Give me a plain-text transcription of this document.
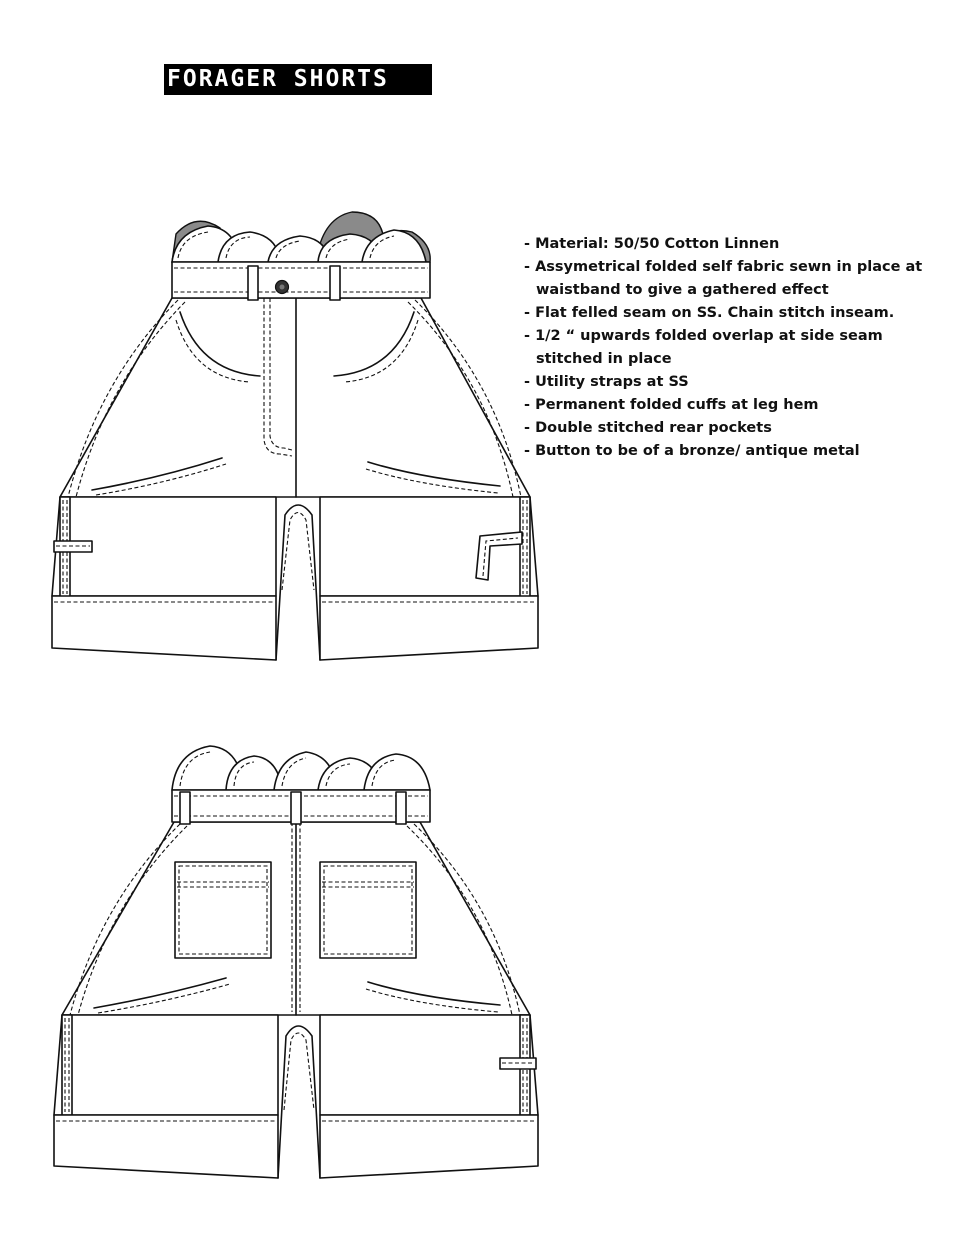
FORAGER SHORTS
- Material: 50/50 Cotton Linnen
- Assymetrical folded self fabric sewn in place at waistband to give a gathered effect
- Flat felled seam on SS. Chain stitch inseam.
- 1/2 “ upwards folded overlap at side seam stitched in place
- Utility straps at SS
- Permanent folded cuffs at leg hem
- Double stitched rear pockets
- Button to be of a bronze/ antique metal
